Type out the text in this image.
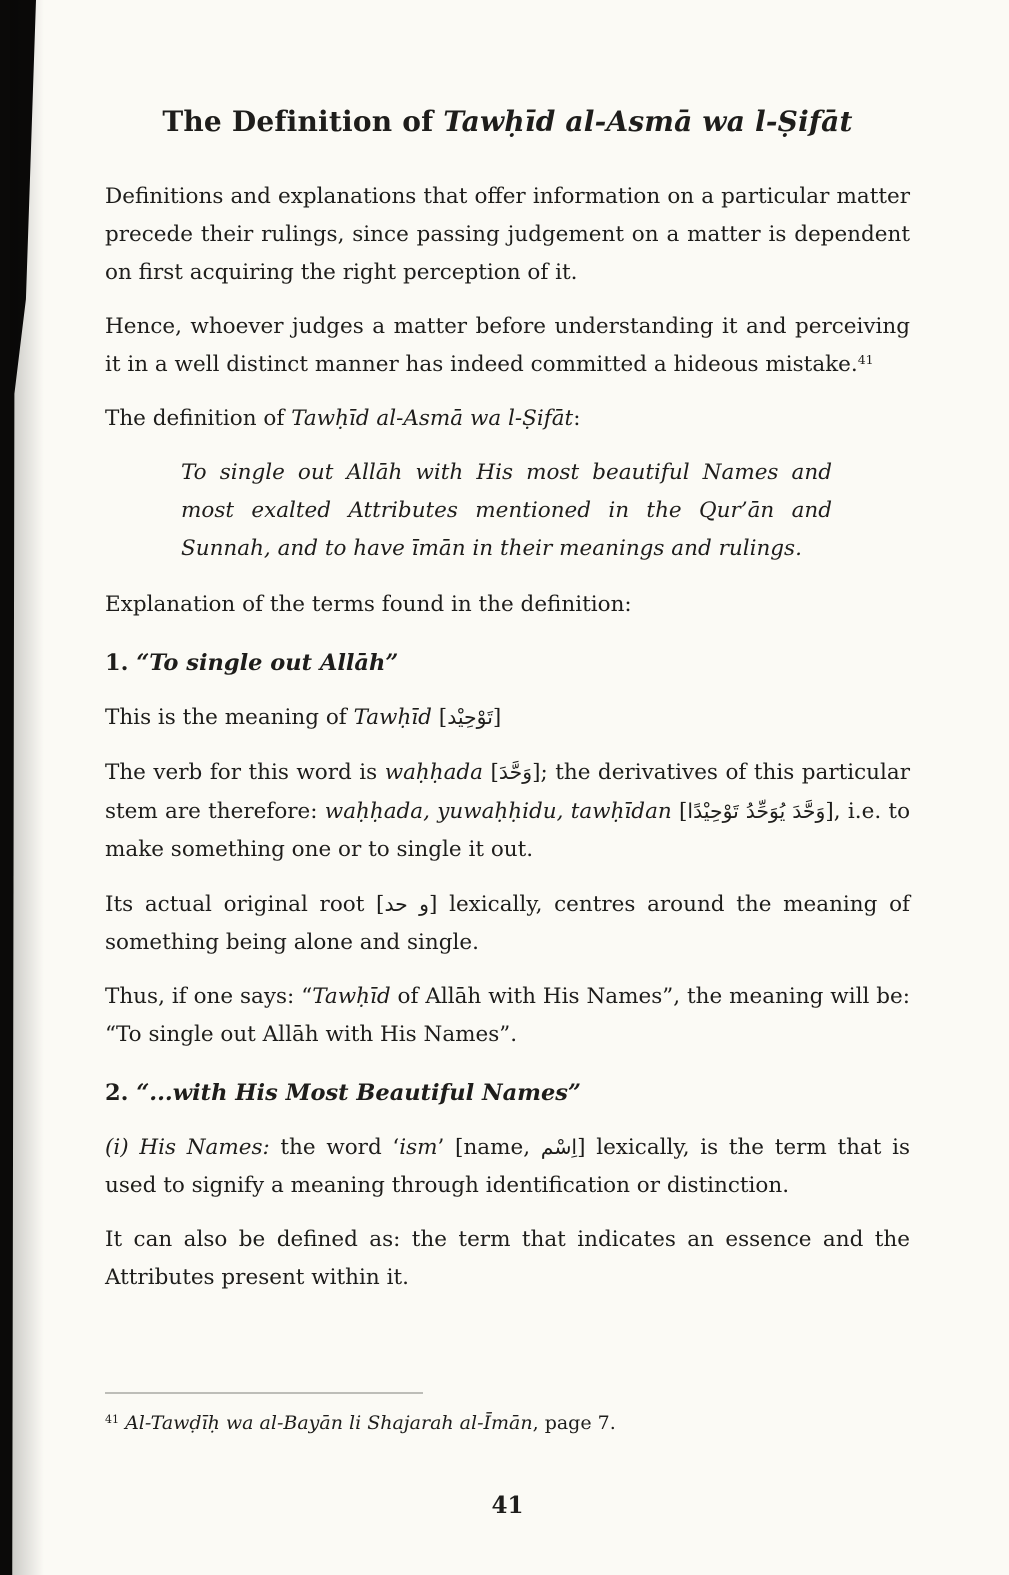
The Definition of Tawḥīd al-Asmā wa l-Ṣifāt

Definitions and explanations that offer information on a particular matter precede their rulings, since passing judgement on a matter is dependent on first acquiring the right perception of it.

Hence, whoever judges a matter before understanding it and perceiving it in a well distinct manner has indeed committed a hideous mistake.$^{41}$

The definition of Tawḥīd al-Asmā wa l-Ṣifāt:

To single out Allāh with His most beautiful Names and most exalted Attributes mentioned in the Qur’ān and Sunnah, and to have īmān in their meanings and rulings.

Explanation of the terms found in the definition:

1. “To single out Allāh”

This is the meaning of Tawḥīd [تَوْحِيْد]

The verb for this word is waḥḥada [وَحَّدَ]; the derivatives of this particular stem are therefore: waḥḥada, yuwaḥḥidu, tawḥīdan [وَحَّدَ يُوَحِّدُ تَوْحِيْدًا], i.e. to make something one or to single it out.

Its actual original root [و حد] lexically, centres around the meaning of something being alone and single.

Thus, if one says: “Tawḥīd of Allāh with His Names”, the meaning will be: “To single out Allāh with His Names”.

2. “...with His Most Beautiful Names”

(i) His Names: the word ‘ism’ [name, اِسْم] lexically, is the term that is used to signify a meaning through identification or distinction.

It can also be defined as: the term that indicates an essence and the Attributes present within it.

$^{41}$ Al-Tawḍīḥ wa al-Bayān li Shajarah al-Īmān, page 7.

41
